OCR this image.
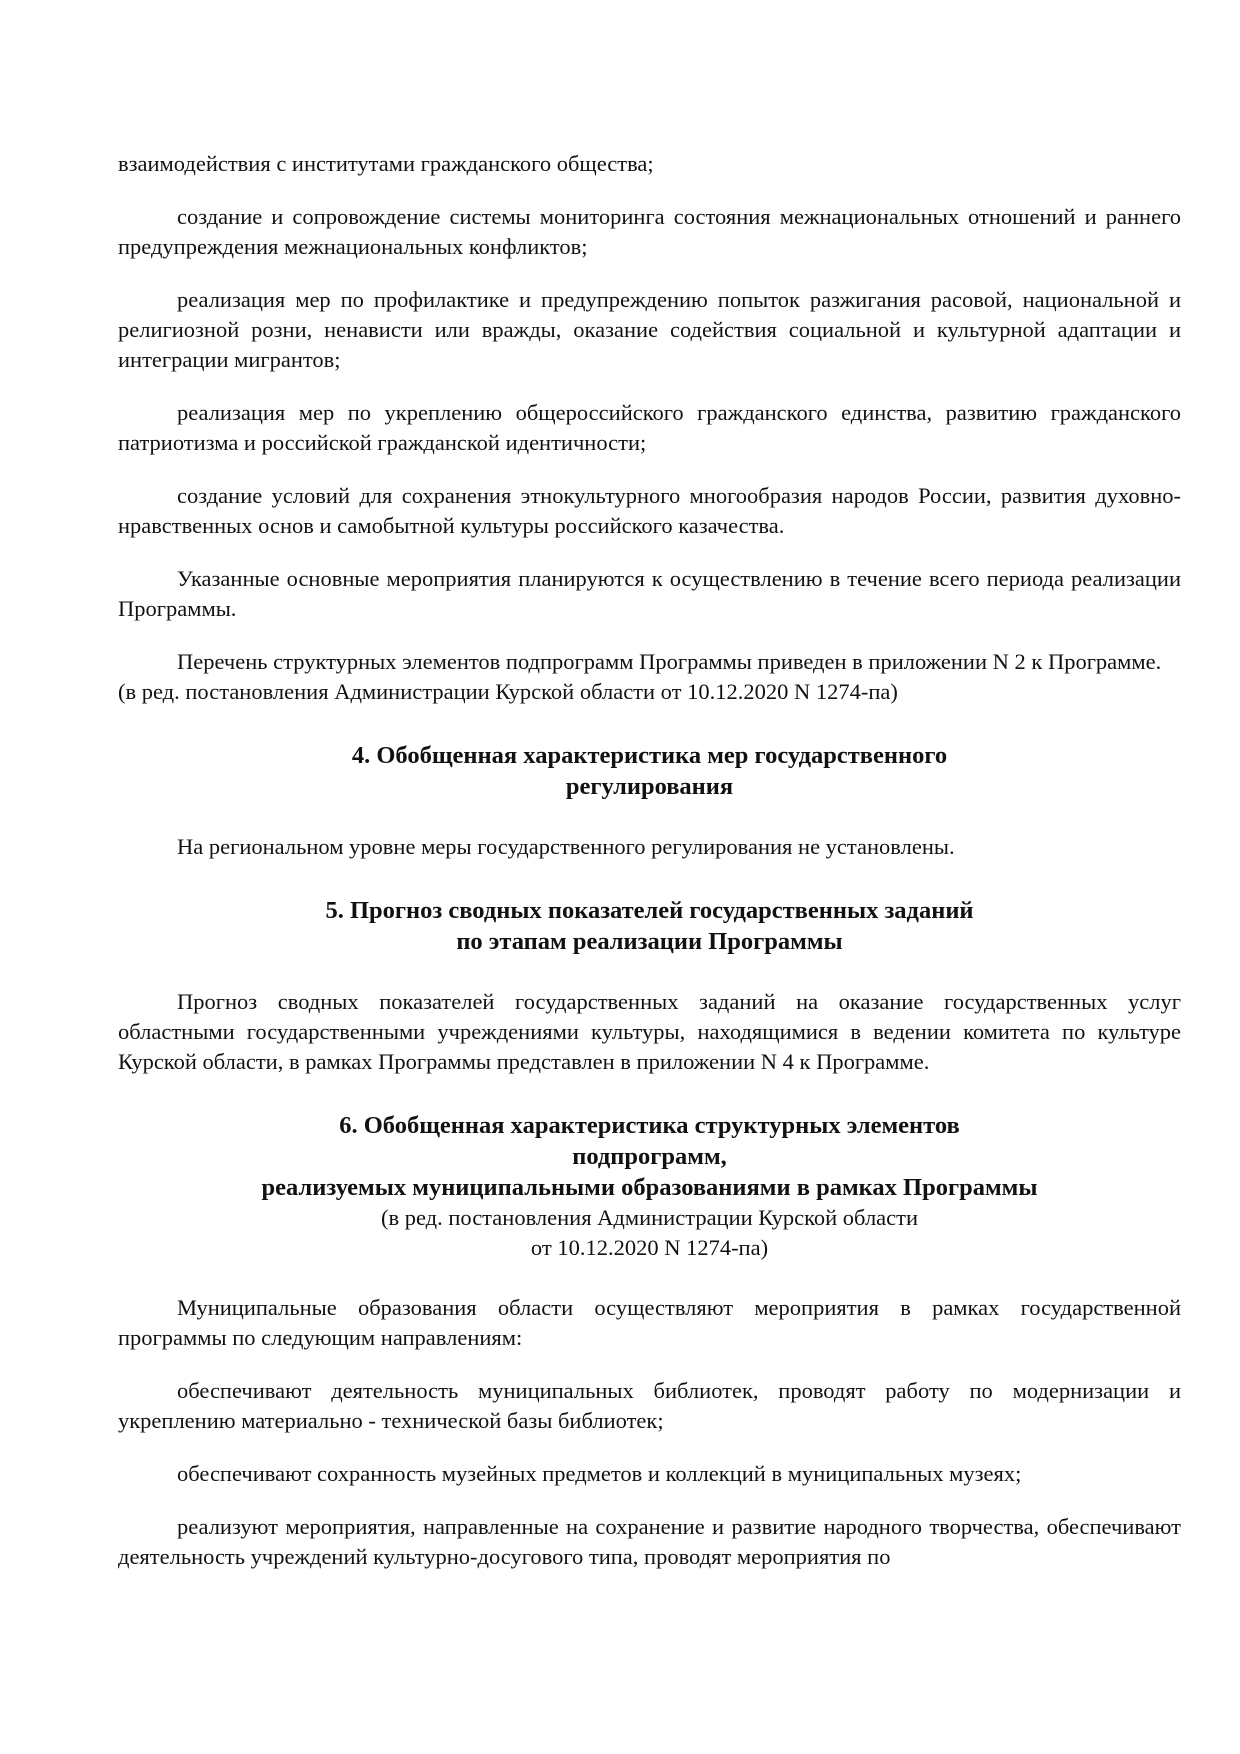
взаимодействия с институтами гражданского общества;

создание и сопровождение системы мониторинга состояния межнациональных отношений и раннего предупреждения межнациональных конфликтов;

реализация мер по профилактике и предупреждению попыток разжигания расовой, национальной и религиозной розни, ненависти или вражды, оказание содействия социальной и культурной адаптации и интеграции мигрантов;

реализация мер по укреплению общероссийского гражданского единства, развитию гражданского патриотизма и российской гражданской идентичности;

создание условий для сохранения этнокультурного многообразия народов России, развития духовно-нравственных основ и самобытной культуры российского казачества.

Указанные основные мероприятия планируются к осуществлению в течение всего периода реализации Программы.

Перечень структурных элементов подпрограмм Программы приведен в приложении N 2 к Программе.

(в ред. постановления Администрации Курской области от 10.12.2020 N 1274-па)

4. Обобщенная характеристика мер государственного
регулирования

На региональном уровне меры государственного регулирования не установлены.

5. Прогноз сводных показателей государственных заданий
по этапам реализации Программы

Прогноз сводных показателей государственных заданий на оказание государственных услуг областными государственными учреждениями культуры, находящимися в ведении комитета по культуре Курской области, в рамках Программы представлен в приложении N 4 к Программе.

6. Обобщенная характеристика структурных элементов
подпрограмм,
реализуемых муниципальными образованиями в рамках Программы
(в ред. постановления Администрации Курской области
от 10.12.2020 N 1274-па)

Муниципальные образования области осуществляют мероприятия в рамках государственной программы по следующим направлениям:

обеспечивают деятельность муниципальных библиотек, проводят работу по модернизации и укреплению материально - технической базы библиотек;

обеспечивают сохранность музейных предметов и коллекций в муниципальных музеях;

реализуют мероприятия, направленные на сохранение и развитие народного творчества, обеспечивают деятельность учреждений культурно-досугового типа, проводят мероприятия по
